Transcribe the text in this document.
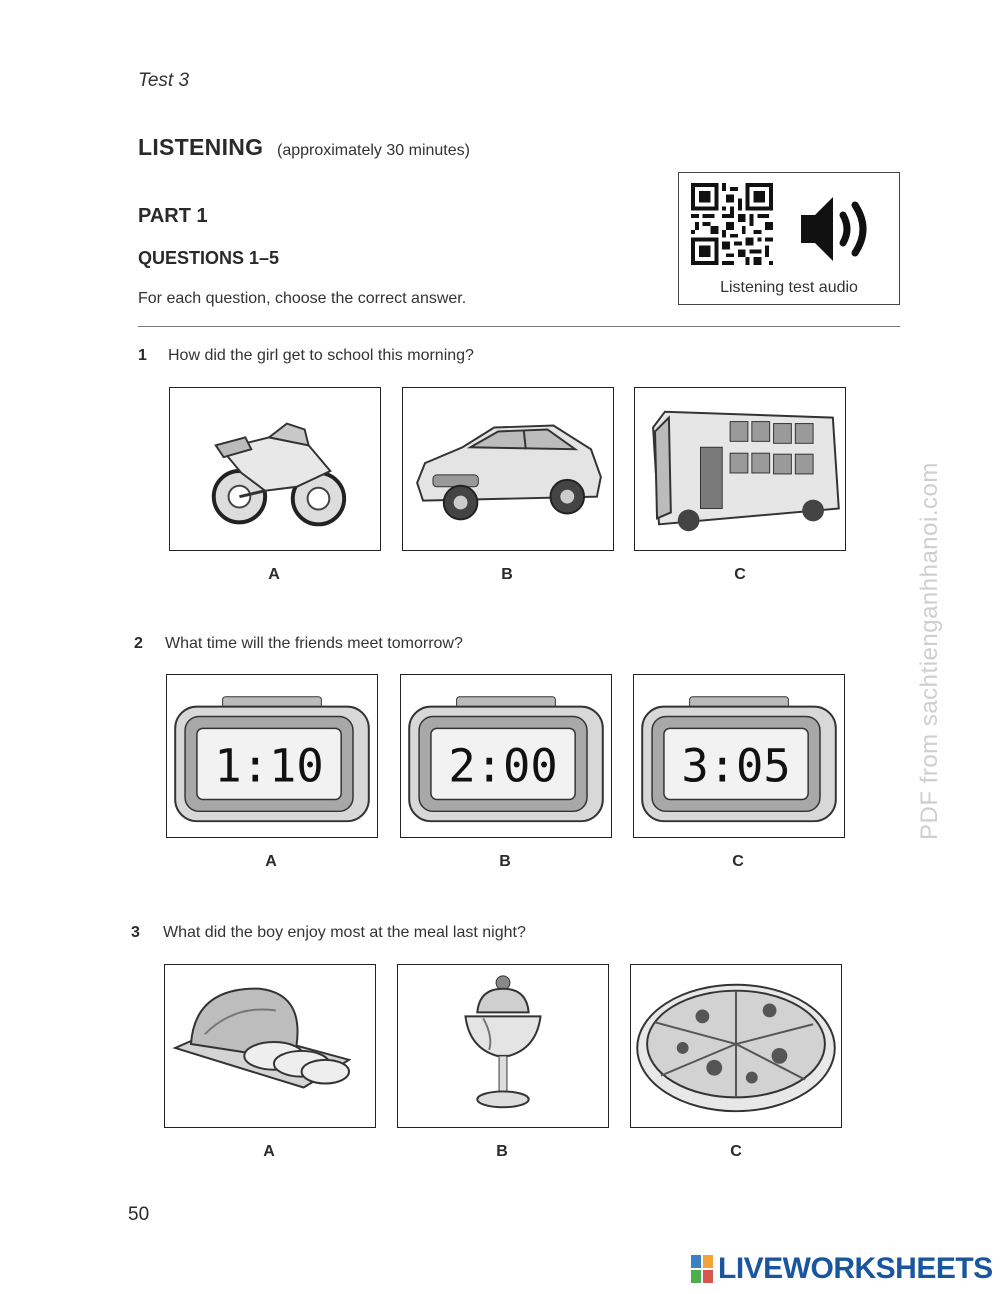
Test 3
LISTENING (approximately 30 minutes)
PART 1
QUESTIONS 1–5
For each question, choose the correct answer.
Listening test audio
1 How did the girl get to school this morning?
A	B	C
2 What time will the friends meet tomorrow?
1:10	2:00	3:05
A	B	C
3 What did the boy enjoy most at the meal last night?
A	B	C
PDF from sachtienganhhanoi.com
50
LIVEWORKSHEETS
